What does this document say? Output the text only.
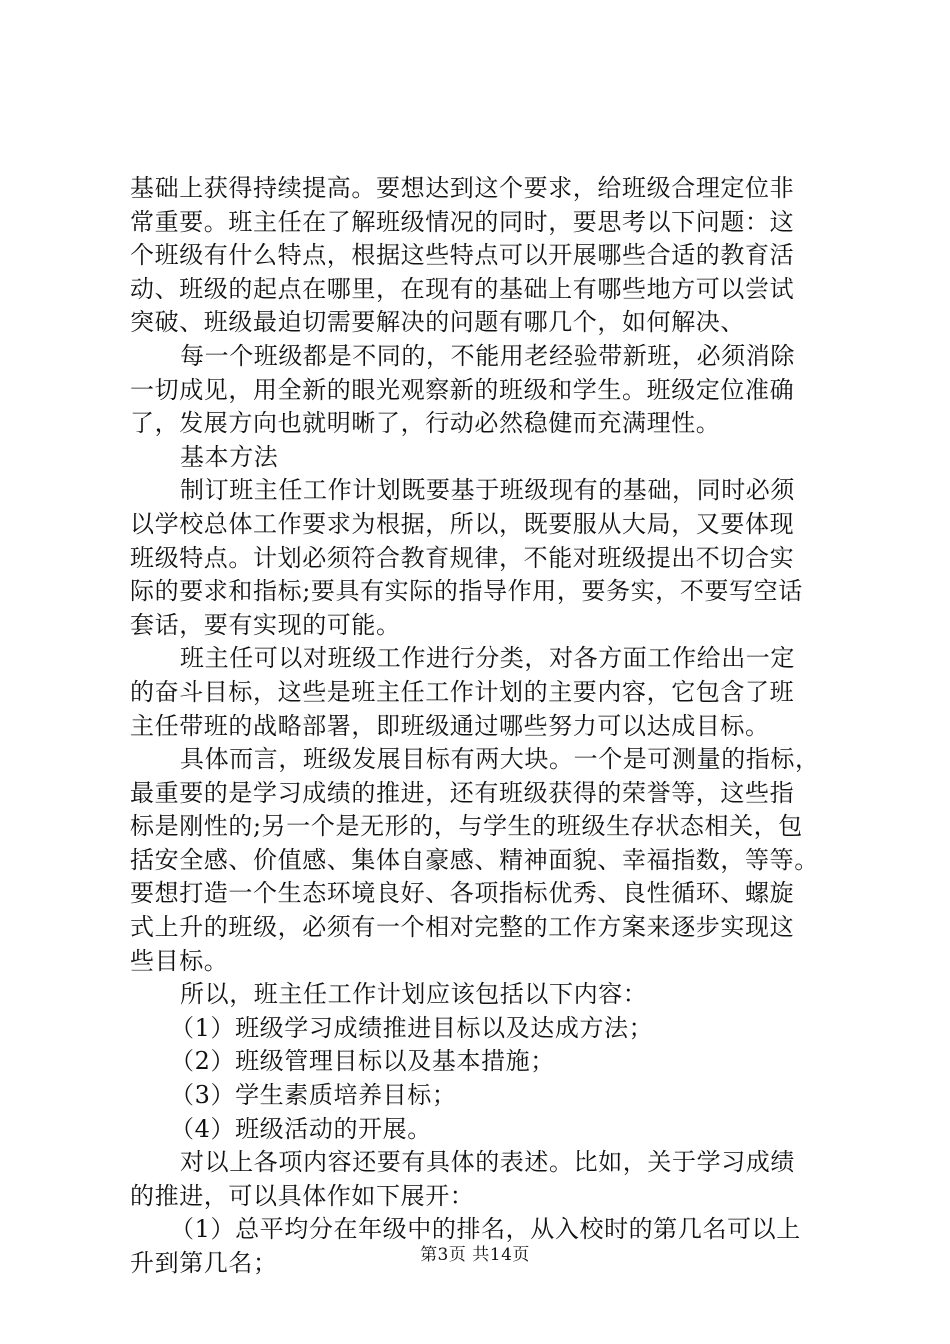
基础上获得持续提高。要想达到这个要求，给班级合理定位非
常重要。班主任在了解班级情况的同时，要思考以下问题：这
个班级有什么特点，根据这些特点可以开展哪些合适的教育活
动、班级的起点在哪里，在现有的基础上有哪些地方可以尝试
突破、班级最迫切需要解决的问题有哪几个，如何解决、
每一个班级都是不同的，不能用老经验带新班，必须消除
一切成见，用全新的眼光观察新的班级和学生。班级定位准确
了，发展方向也就明晰了，行动必然稳健而充满理性。
基本方法
制订班主任工作计划既要基于班级现有的基础，同时必须
以学校总体工作要求为根据，所以，既要服从大局，又要体现
班级特点。计划必须符合教育规律，不能对班级提出不切合实
际的要求和指标;要具有实际的指导作用，要务实，不要写空话
套话，要有实现的可能。
班主任可以对班级工作进行分类，对各方面工作给出一定
的奋斗目标，这些是班主任工作计划的主要内容，它包含了班
主任带班的战略部署，即班级通过哪些努力可以达成目标。
具体而言，班级发展目标有两大块。一个是可测量的指标，
最重要的是学习成绩的推进，还有班级获得的荣誉等，这些指
标是刚性的;另一个是无形的，与学生的班级生存状态相关，包
括安全感、价值感、集体自豪感、精神面貌、幸福指数，等等。
要想打造一个生态环境良好、各项指标优秀、良性循环、螺旋
式上升的班级，必须有一个相对完整的工作方案来逐步实现这
些目标。
所以，班主任工作计划应该包括以下内容：
（1）班级学习成绩推进目标以及达成方法；
（2）班级管理目标以及基本措施；
（3）学生素质培养目标；
（4）班级活动的开展。
对以上各项内容还要有具体的表述。比如，关于学习成绩
的推进，可以具体作如下展开：
（1）总平均分在年级中的排名，从入校时的第几名可以上
升到第几名；	第3页 共14页
